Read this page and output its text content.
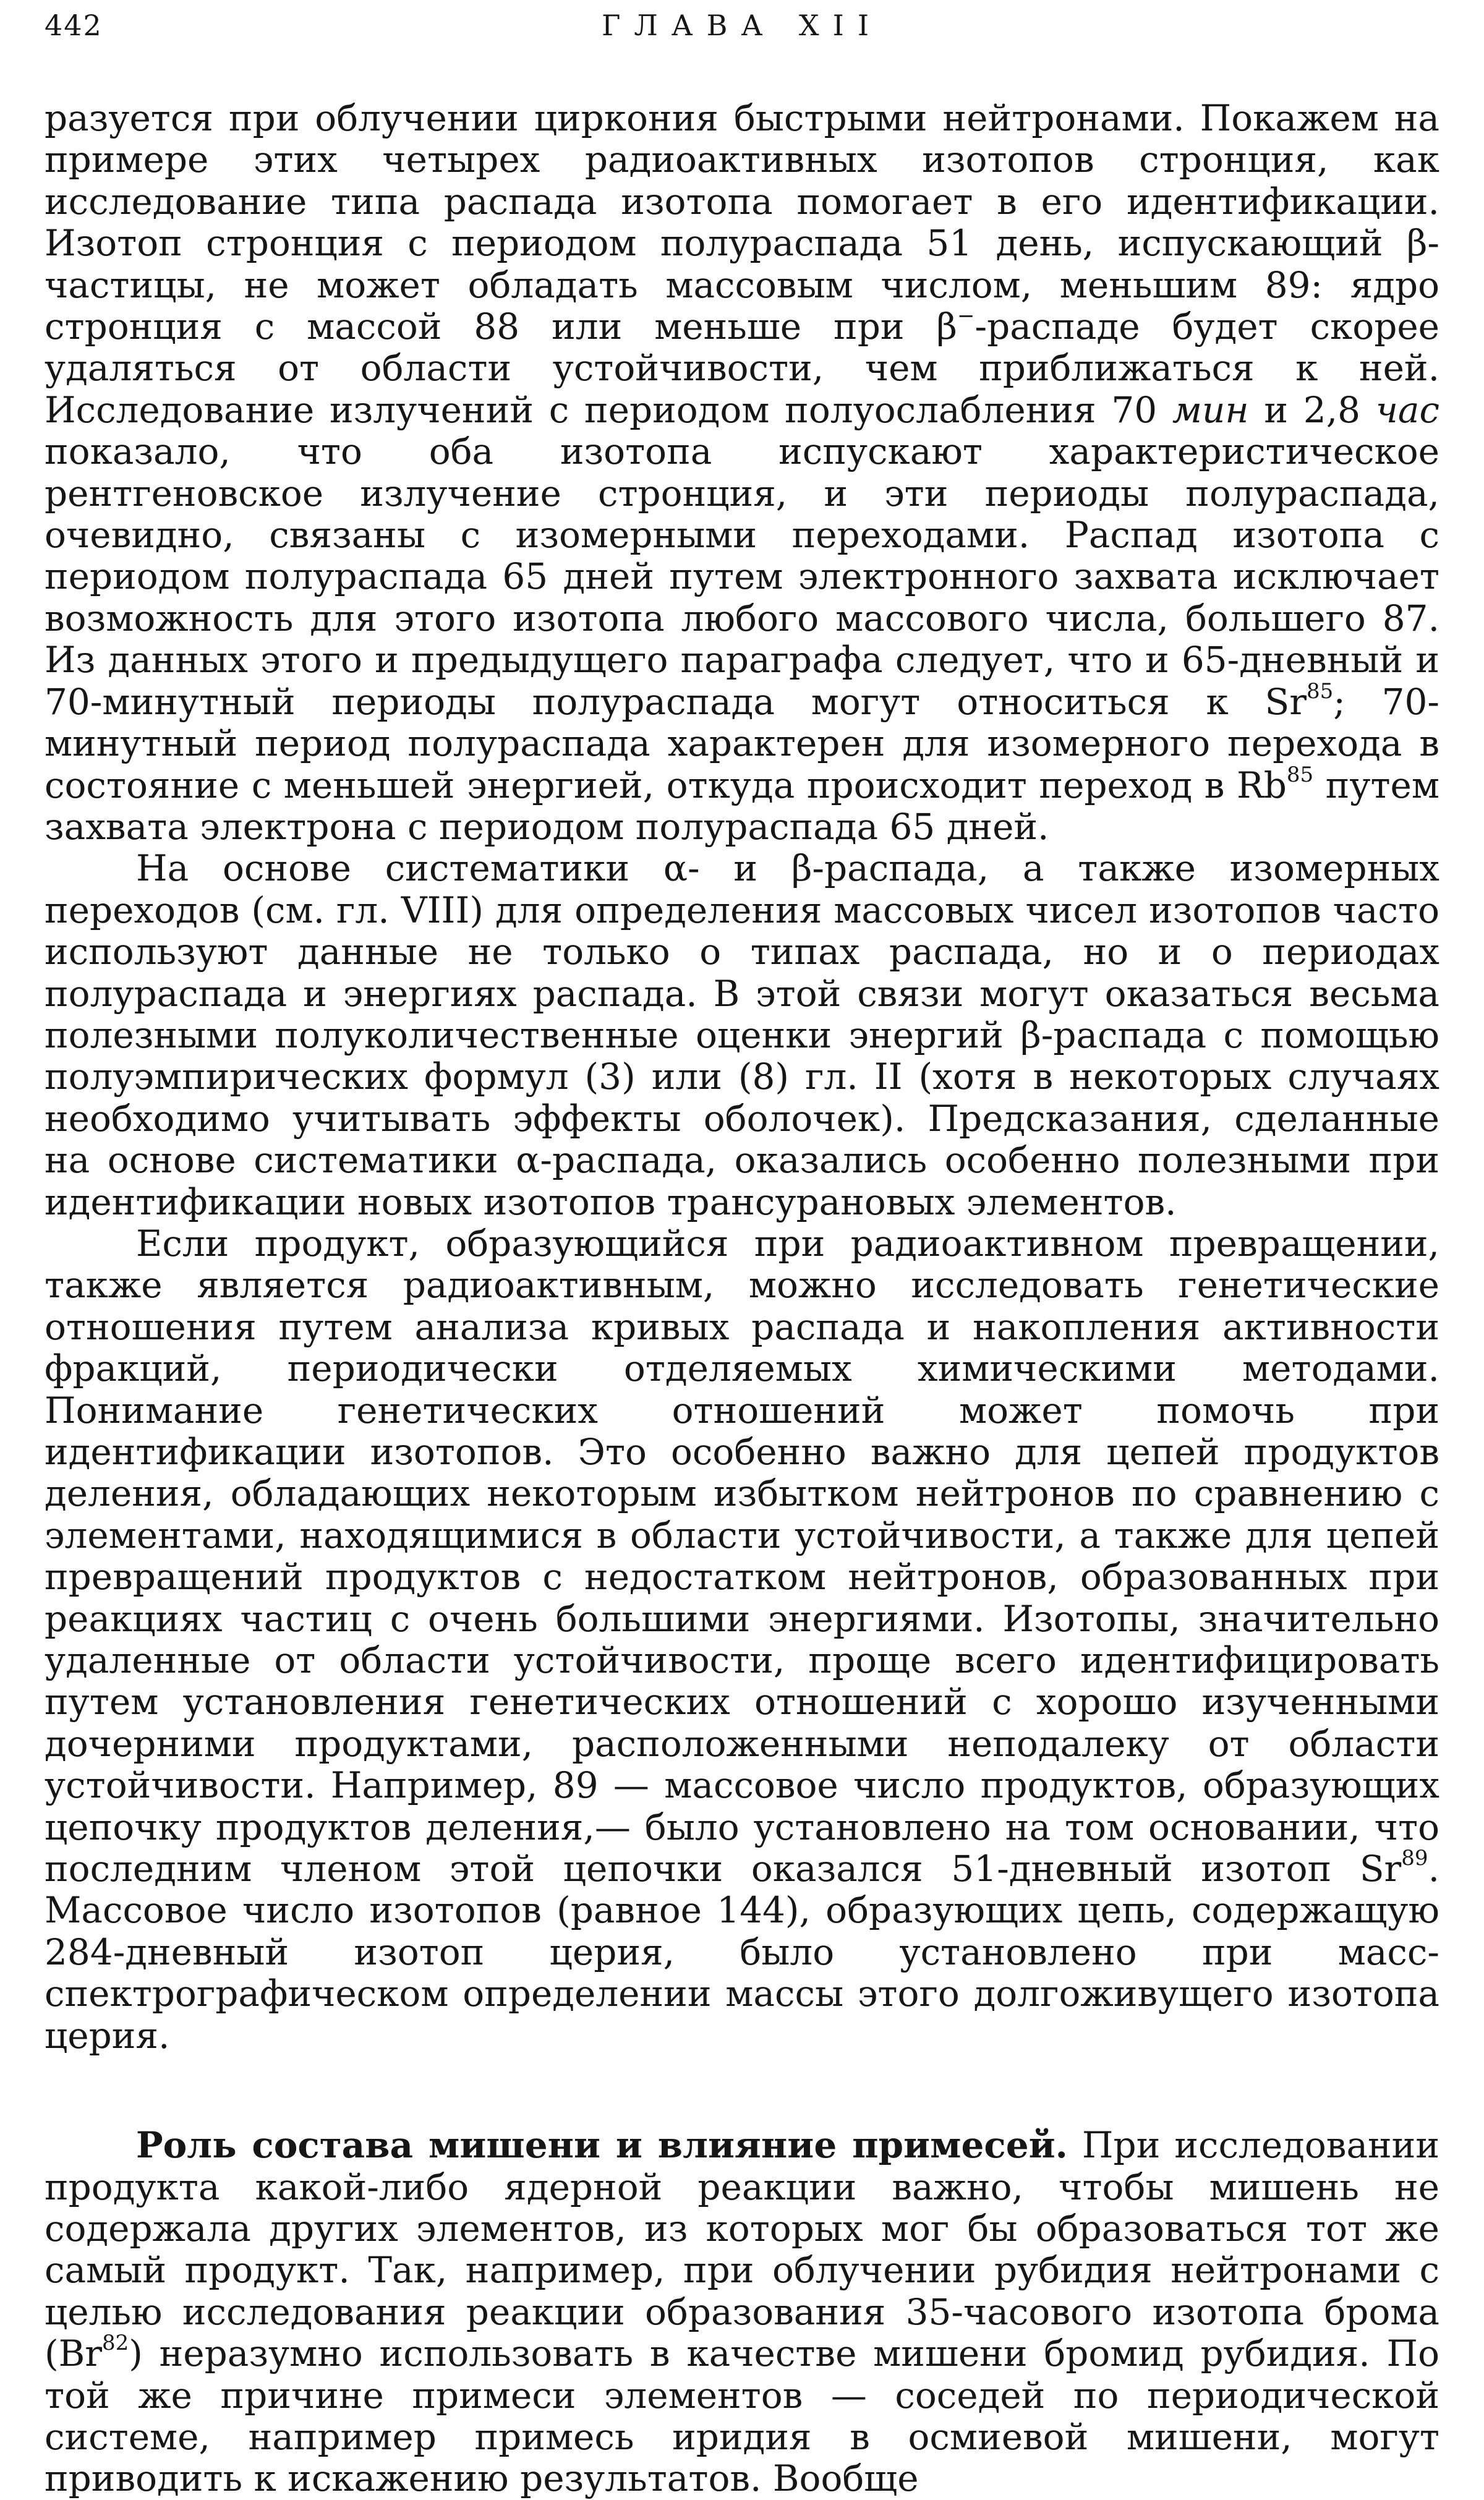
442	ГЛАВА XII

разуется при облучении циркония быстрыми нейтронами. Покажем на примере этих четырех радиоактивных изотопов стронция, как исследование типа распада изотопа помогает в его идентификации. Изотоп стронция с периодом полураспада 51 день, испускающий β-частицы, не может обладать массовым числом, меньшим 89: ядро стронция с массой 88 или меньше при β−-распаде будет скорее удаляться от области устойчивости, чем приближаться к ней. Исследование излучений с периодом полуослабления 70 мин и 2,8 час показало, что оба изотопа испускают характеристическое рентгеновское излучение стронция, и эти периоды полураспада, очевидно, связаны с изомерными переходами. Распад изотопа с периодом полураспада 65 дней путем электронного захвата исключает возможность для этого изотопа любого массового числа, большего 87. Из данных этого и предыдущего параграфа следует, что и 65-дневный и 70-минутный периоды полураспада могут относиться к Sr$^{85}$; 70-минутный период полураспада характерен для изомерного перехода в состояние с меньшей энергией, откуда происходит переход в Rb$^{85}$ путем захвата электрона с периодом полураспада 65 дней.

На основе систематики α- и β-распада, а также изомерных переходов (см. гл. VIII) для определения массовых чисел изотопов часто используют данные не только о типах распада, но и о периодах полураспада и энергиях распада. В этой связи могут оказаться весьма полезными полуколичественные оценки энергий β-распада с помощью полуэмпирических формул (3) или (8) гл. II (хотя в некоторых случаях необходимо учитывать эффекты оболочек). Предсказания, сделанные на основе систематики α-распада, оказались особенно полезными при идентификации новых изотопов трансурановых элементов.

Если продукт, образующийся при радиоактивном превращении, также является радиоактивным, можно исследовать генетические отношения путем анализа кривых распада и накопления активности фракций, периодически отделяемых химическими методами. Понимание генетических отношений может помочь при идентификации изотопов. Это особенно важно для цепей продуктов деления, обладающих некоторым избытком нейтронов по сравнению с элементами, находящимися в области устойчивости, а также для цепей превращений продуктов с недостатком нейтронов, образованных при реакциях частиц с очень большими энергиями. Изотопы, значительно удаленные от области устойчивости, проще всего идентифицировать путем установления генетических отношений с хорошо изученными дочерними продуктами, расположенными неподалеку от области устойчивости. Например, 89 — массовое число продуктов, образующих цепочку продуктов деления,— было установлено на том основании, что последним членом этой цепочки оказался 51-дневный изотоп Sr$^{89}$. Массовое число изотопов (равное 144), образующих цепь, содержащую 284-дневный изотоп церия, было установлено при масс-спектрографическом определении массы этого долгоживущего изотопа церия.

Роль состава мишени и влияние примесей. При исследовании продукта какой-либо ядерной реакции важно, чтобы мишень не содержала других элементов, из которых мог бы образоваться тот же самый продукт. Так, например, при облучении рубидия нейтронами с целью исследования реакции образования 35-часового изотопа брома (Br$^{82}$) неразумно использовать в качестве мишени бромид рубидия. По той же причине примеси элементов — соседей по периодической системе, например примесь иридия в осмиевой мишени, могут приводить к искажению результатов. Вообще
